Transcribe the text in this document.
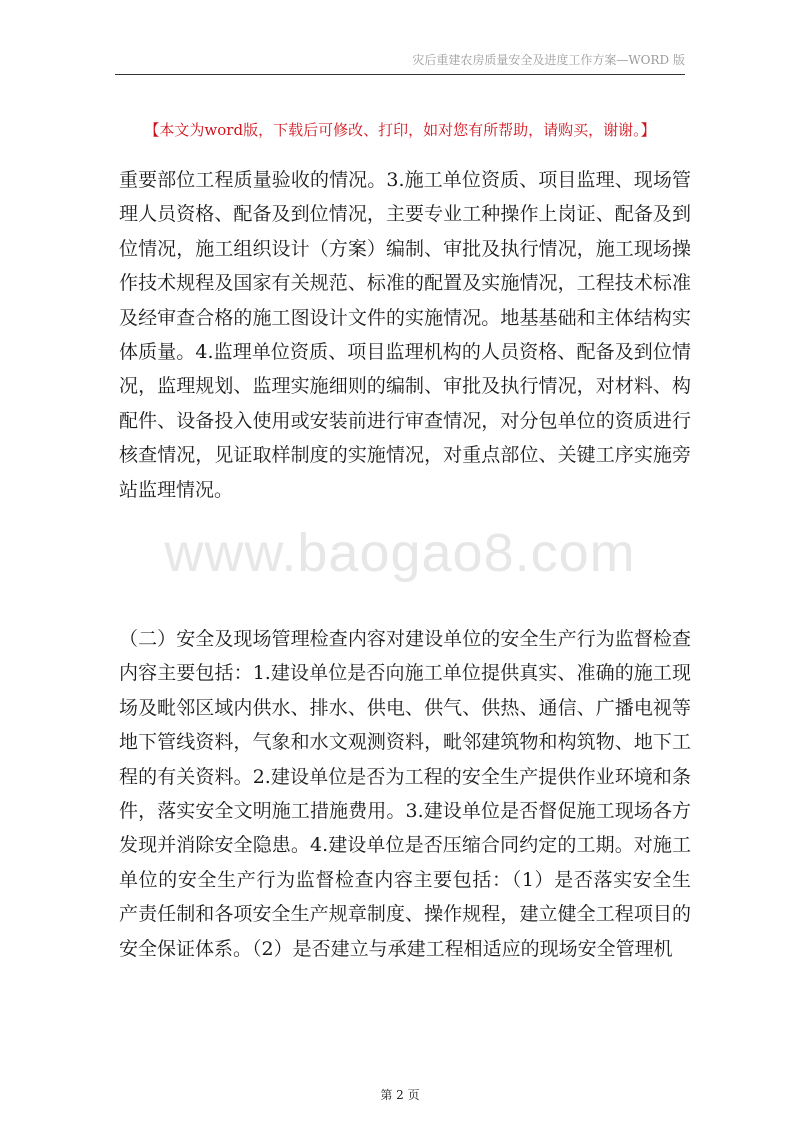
灾后重建农房质量安全及进度工作方案—WORD 版
【本文为word版，下载后可修改、打印，如对您有所帮助，请购买，谢谢。】
www.baogao8.com

重要部位工程质量验收的情况。3.施工单位资质、项目监理、现场管理人员资格、配备及到位情况，主要专业工种操作上岗证、配备及到位情况，施工组织设计（方案）编制、审批及执行情况，施工现场操作技术规程及国家有关规范、标准的配置及实施情况，工程技术标准及经审查合格的施工图设计文件的实施情况。地基基础和主体结构实体质量。4.监理单位资质、项目监理机构的人员资格、配备及到位情况，监理规划、监理实施细则的编制、审批及执行情况，对材料、构配件、设备投入使用或安装前进行审查情况，对分包单位的资质进行核查情况，见证取样制度的实施情况，对重点部位、关键工序实施旁站监理情况。

（二）安全及现场管理检查内容对建设单位的安全生产行为监督检查内容主要包括：1.建设单位是否向施工单位提供真实、准确的施工现场及毗邻区域内供水、排水、供电、供气、供热、通信、广播电视等地下管线资料，气象和水文观测资料，毗邻建筑物和构筑物、地下工程的有关资料。2.建设单位是否为工程的安全生产提供作业环境和条件，落实安全文明施工措施费用。3.建设单位是否督促施工现场各方发现并消除安全隐患。4.建设单位是否压缩合同约定的工期。对施工单位的安全生产行为监督检查内容主要包括：（1）是否落实安全生产责任制和各项安全生产规章制度、操作规程，建立健全工程项目的安全保证体系。（2）是否建立与承建工程相适应的现场安全管理机

第 2 页
